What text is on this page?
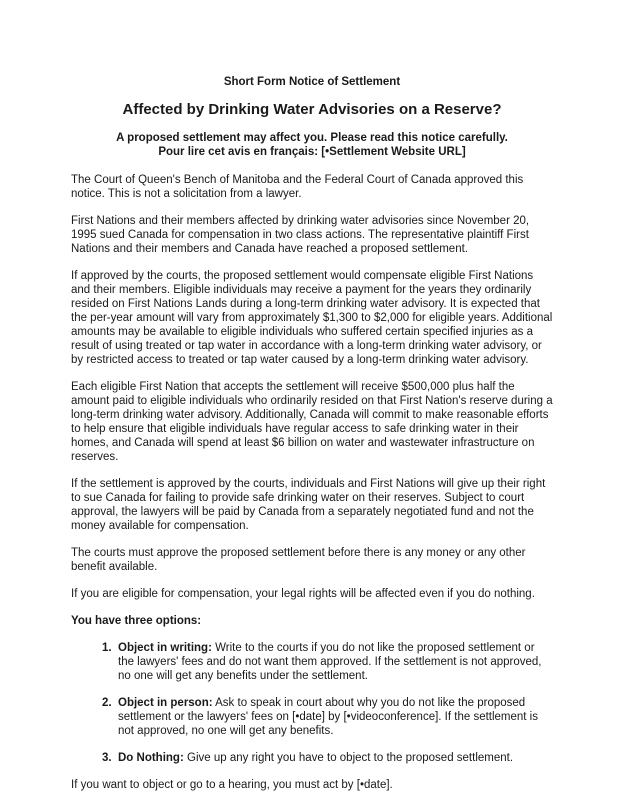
Short Form Notice of Settlement

Affected by Drinking Water Advisories on a Reserve?

A proposed settlement may affect you. Please read this notice carefully.

Pour lire cet avis en français: [•Settlement Website URL]

The Court of Queen's Bench of Manitoba and the Federal Court of Canada approved this notice. This is not a solicitation from a lawyer.

First Nations and their members affected by drinking water advisories since November 20, 1995 sued Canada for compensation in two class actions. The representative plaintiff First Nations and their members and Canada have reached a proposed settlement.

If approved by the courts, the proposed settlement would compensate eligible First Nations and their members. Eligible individuals may receive a payment for the years they ordinarily resided on First Nations Lands during a long-term drinking water advisory. It is expected that the per-year amount will vary from approximately $1,300 to $2,000 for eligible years. Additional amounts may be available to eligible individuals who suffered certain specified injuries as a result of using treated or tap water in accordance with a long-term drinking water advisory, or by restricted access to treated or tap water caused by a long-term drinking water advisory.

Each eligible First Nation that accepts the settlement will receive $500,000 plus half the amount paid to eligible individuals who ordinarily resided on that First Nation's reserve during a long-term drinking water advisory. Additionally, Canada will commit to make reasonable efforts to help ensure that eligible individuals have regular access to safe drinking water in their homes, and Canada will spend at least $6 billion on water and wastewater infrastructure on reserves.

If the settlement is approved by the courts, individuals and First Nations will give up their right to sue Canada for failing to provide safe drinking water on their reserves. Subject to court approval, the lawyers will be paid by Canada from a separately negotiated fund and not the money available for compensation.

The courts must approve the proposed settlement before there is any money or any other benefit available.

If you are eligible for compensation, your legal rights will be affected even if you do nothing.

You have three options:

1. Object in writing: Write to the courts if you do not like the proposed settlement or the lawyers' fees and do not want them approved. If the settlement is not approved, no one will get any benefits under the settlement.
2. Object in person: Ask to speak in court about why you do not like the proposed settlement or the lawyers' fees on [•date] by [•videoconference]. If the settlement is not approved, no one will get any benefits.
3. Do Nothing: Give up any right you have to object to the proposed settlement.

If you want to object or go to a hearing, you must act by [•date].
